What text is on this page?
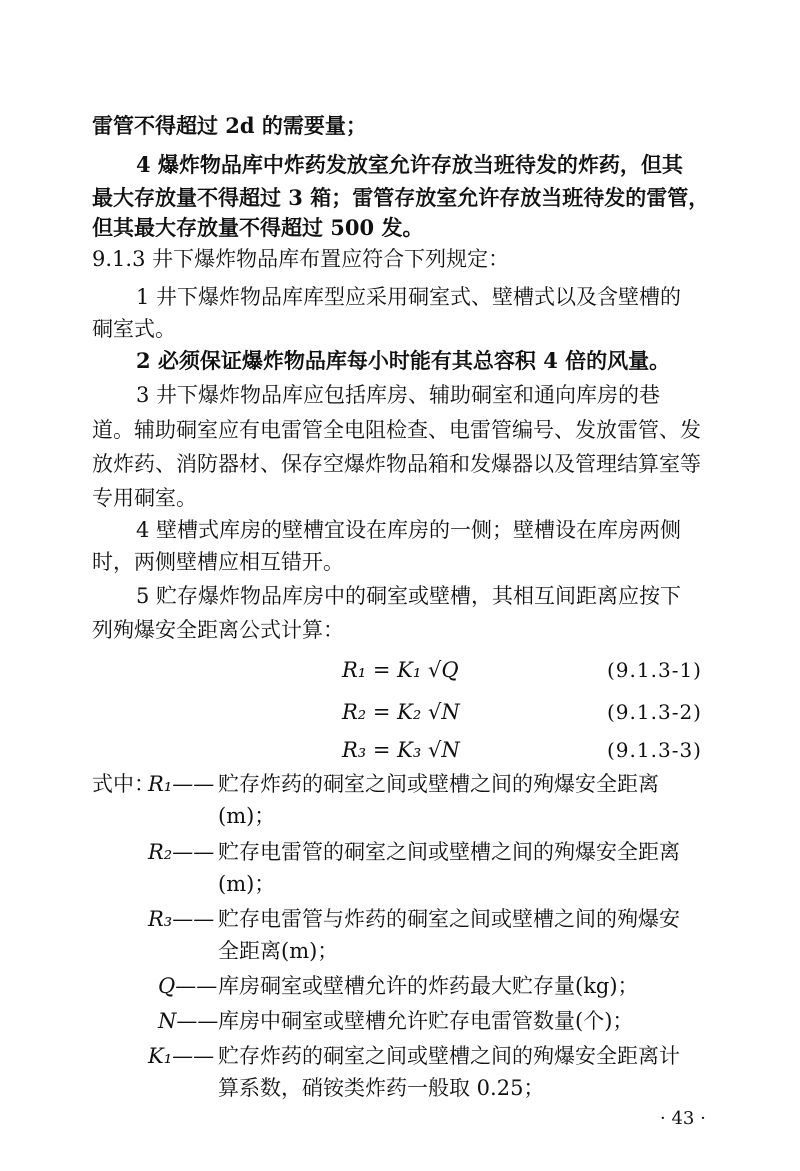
雷管不得超过 2d 的需要量；
4 爆炸物品库中炸药发放室允许存放当班待发的炸药，但其
最大存放量不得超过 3 箱；雷管存放室允许存放当班待发的雷管，
但其最大存放量不得超过 500 发。
9.1.3 井下爆炸物品库布置应符合下列规定：
1 井下爆炸物品库库型应采用硐室式、壁槽式以及含壁槽的
硐室式。
2 必须保证爆炸物品库每小时能有其总容积 4 倍的风量。
3 井下爆炸物品库应包括库房、辅助硐室和通向库房的巷
道。辅助硐室应有电雷管全电阻检查、电雷管编号、发放雷管、发
放炸药、消防器材、保存空爆炸物品箱和发爆器以及管理结算室等
专用硐室。
4 壁槽式库房的壁槽宜设在库房的一侧；壁槽设在库房两侧
时，两侧壁槽应相互错开。
5 贮存爆炸物品库房中的硐室或壁槽，其相互间距离应按下
列殉爆安全距离公式计算：
R₁ = K₁ √Q	(9.1.3-1)
R₂ = K₂ √N	(9.1.3-2)
R₃ = K₃ √N	(9.1.3-3)
式中：
R₁—— 贮存炸药的硐室之间或壁槽之间的殉爆安全距离
(m)；
R₂—— 贮存电雷管的硐室之间或壁槽之间的殉爆安全距离
(m)；
R₃—— 贮存电雷管与炸药的硐室之间或壁槽之间的殉爆安
全距离(m)；
Q—— 库房硐室或壁槽允许的炸药最大贮存量(kg)；
N—— 库房中硐室或壁槽允许贮存电雷管数量(个)；
K₁—— 贮存炸药的硐室之间或壁槽之间的殉爆安全距离计
算系数，硝铵类炸药一般取 0.25；
· 43 ·
